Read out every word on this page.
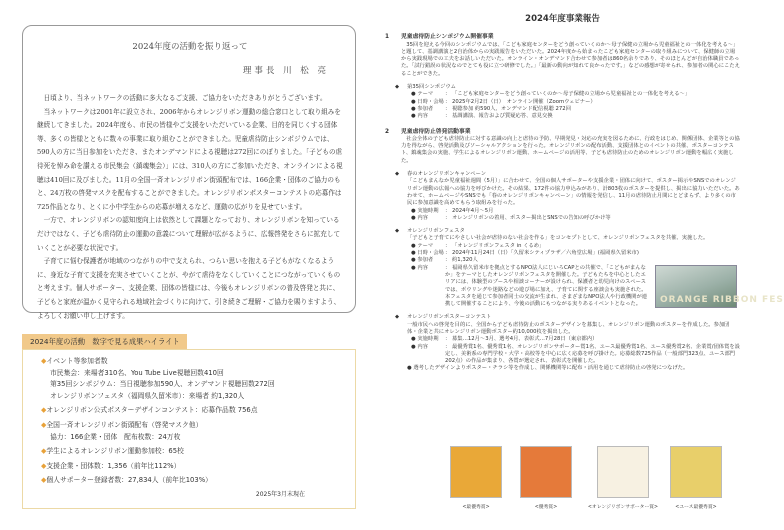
2024年度の活動を振り返って
理事長 川 松 亮

日頃より、当ネットワークの活動に多大なるご支援、ご協力をいただきありがとうございます。

当ネットワークは2001年に設立され、2006年からオレンジリボン運動の総合窓口として取り組みを継続してきました。2024年度も、市民の皆様やご支援をいただいている企業、目的を同じくする団体等、多くの皆様とともに数々の事業に取り組むことができました。児童虐待防止シンポジウムでは、590人の方に当日参加をいただき、またオンデマンドによる視聴は272回にのぼりました。「子どもの虐待死を悼み命を讃える市民集会（鎮魂集会）」には、310人の方にご参加いただき、オンラインによる視聴は410回に及びました。11月の全国一斉オレンジリボン街頭配布では、166企業・団体のご協力のもと、24万枚の啓発マスクを配布することができました。オレンジリボンポスターコンテストの応募作は725作品となり、とくに小中学生からの応募が増えるなど、運動の広がりを見せています。

一方で、オレンジリボンの認知度向上は依然として課題となっており、オレンジリボンを知っているだけではなく、子ども虐待防止の運動の意義について理解が広がるように、広報啓発をさらに拡充していくことが必要な状況です。

子育てに悩む保護者が地域のつながりの中で支えられ、つらい思いを抱える子どもがなくなるように、身近な子育て支援を充実させていくことが、やがて虐待をなくしていくことにつながっていくものと考えます。個人サポーター、支援企業、団体の皆様には、今後もオレンジリボンの普及啓発と共に、子どもと家庭が温かく見守られる地域社会づくりに向けて、引き続きご理解・ご協力を賜りますよう、よろしくお願い申し上げます。

2024年度の活動　数字で見る成果ハイライト
◆イベント等参加者数
市民集会：来場者310名、You Tube Live視聴回数410回
第35回シンポジウム：当日視聴参加590人、オンデマンド視聴回数272回
オレンジリボンフェスタ（福岡県久留米市）：来場者 約1,320人
◆オレンジリボン公式ポスターデザインコンテスト：応募作品数 756点
◆全国一斉オレンジリボン街頭配布（啓発マスク他）
協力：166企業・団体　配布枚数：24万枚
◆学生によるオレンジリボン運動参加校：65校
◆支援企業・団体数：1,356（前年比112%）
◆個人サポーター登録者数：27,834人（前年比103%）
2025年3月末現在
2024年度事業報告
1	児童虐待防止シンポジウム開催事業
35回を迎える今回のシンポジウムでは、「こども家庭センターをどう創っていくのか～母子保健の立場から児童福祉との一体化を考える～」と題して、基調講演と2自治体からの実践報告をいただいた。2024年度から始まったこども家庭センターの取り組みについて、保健師の立場から実践現場での工夫をお話しいただいた。オンライン・オンデマンド合わせて参加者は860名余りであり、そのほとんどが自治体職員であった。「試行錯誤の状況なのでとても役に立つ研修でした。」「最新の動向が知れて良かったです。」などの感想が寄せられ、参加者の関心にこたえることができた。
◆	第35回シンポジウム
● テーマ	： 「こども家庭センターをどう創っていくのか～母子保健の立場から児童福祉との一体化を考える～」
● 日時・会場	： 2025年2月2日（日）　オンライン開催（Zoomウェビナー）
● 参加者	： 視聴参加 約590人、オンデマンド配信視聴 272回
● 内容	： 基調講演、報告および質疑応答、意見交換
2	児童虐待防止啓発活動事業
社会全体の子ども虐待防止に対する意識の向上と虐待の予防、早期発見・対応の充実を図るために、行政をはじめ、関係団体、企業等との協力を得ながら、啓発活動及びソーシャルアクションを行った。オレンジリボンの配布活動、支援団体とのイベントの共催、ポスターコンテスト、鎮魂集会の実施、学生によるオレンジリボン運動、ホームページの活用等、子ども虐待防止のためのオレンジリボン運動を幅広く実施した。
◆	春のオレンジリボンキャンペーン
「こどもまんなか児童福祉週間（5月）」に合わせて、全国の個人サポーターや支援企業・団体に向けて、ポスター掲示やSNSでのオレンジリボン運動の広報への協力を呼びかけた。その結果、172件の協力申込みがあり、計803枚のポスターを提供し、掲出に協力いただいた。あわせて、ホームページやSNSでも「春のオレンジリボンキャンペーン」の情報を発信し、11月の虐待防止月間にとどまらず、より多くの市民に参加意識を高めてもらう取組みを行った。
● 実施時期	： 2024年4月～5月
● 内容	： オレンジリボンの着用、ポスター掲出とSNSでの告知の呼びかけ等
◆	オレンジリボンフェスタ
「子どもと子育てにやさしい社会が虐待のない社会を作る」をコンセプトとして、オレンジリボンフェスタを共催、実施した。
● テーマ	： 「オレンジリボンフェスタ in くるめ」
● 日時・会場	： 2024年11月24日（日）「久留米シティプラザ／六角堂広場」(福岡県久留米市)
● 参加者	： 約1,320人
● 内容	： 福岡県久留米市を拠点とするNPO法人にじいろCAPとの共催で、「こどもがまんなか」をテーマとしたオレンジリボンフェスタを開催した。子どもたちを中心としたエリアには、体験型のブースや相談コーナーが設けられ、保護者と幼児向けのスペースでは、ボウリングや迷路などの遊び場に加え、子育てに関する座談会も実施された。本フェスタを通じて参加者同士の交流が生まれ、さまざまなNPO法人や行政機関が連携して開催することにより、今後の活動にもつながる実りあるイベントとなった。	ORANGE RIBBON FES
◆	オレンジリボンポスターコンテスト
一般市民への啓発を目的に、全国から子ども虐待防止のポスターデザインを募集し、オレンジリボン運動のポスターを作成した。参加団体・企業と共にオレンジリボン運動ポスター約10,000枚を掲出した。
● 実施時期	： 募集…12月～3月、選考4月、表彰式…7月28日（東京都内）
● 内容	： 最優秀賞1名、優秀賞1名、オレンジリボンサポーター賞1名、ユース最優秀賞1名、ユース優秀賞2名、企業賞/団体賞を設定し、美術系の専門学校・大学・高校等を中心に広く応募を呼び掛けた。応募総数725作品（一般部門323点、ユース部門202点）の作品が集まり、各賞が選定され、表彰式を開催した。
● 選考したデザインよりポスター・チラシ等を作成し、関係機関等に配布・活用を通じて虐待防止の啓発につなげた。
<最優秀賞>	<優秀賞>	<オレンジリボンサポーター賞>	<ユース最優秀賞>
